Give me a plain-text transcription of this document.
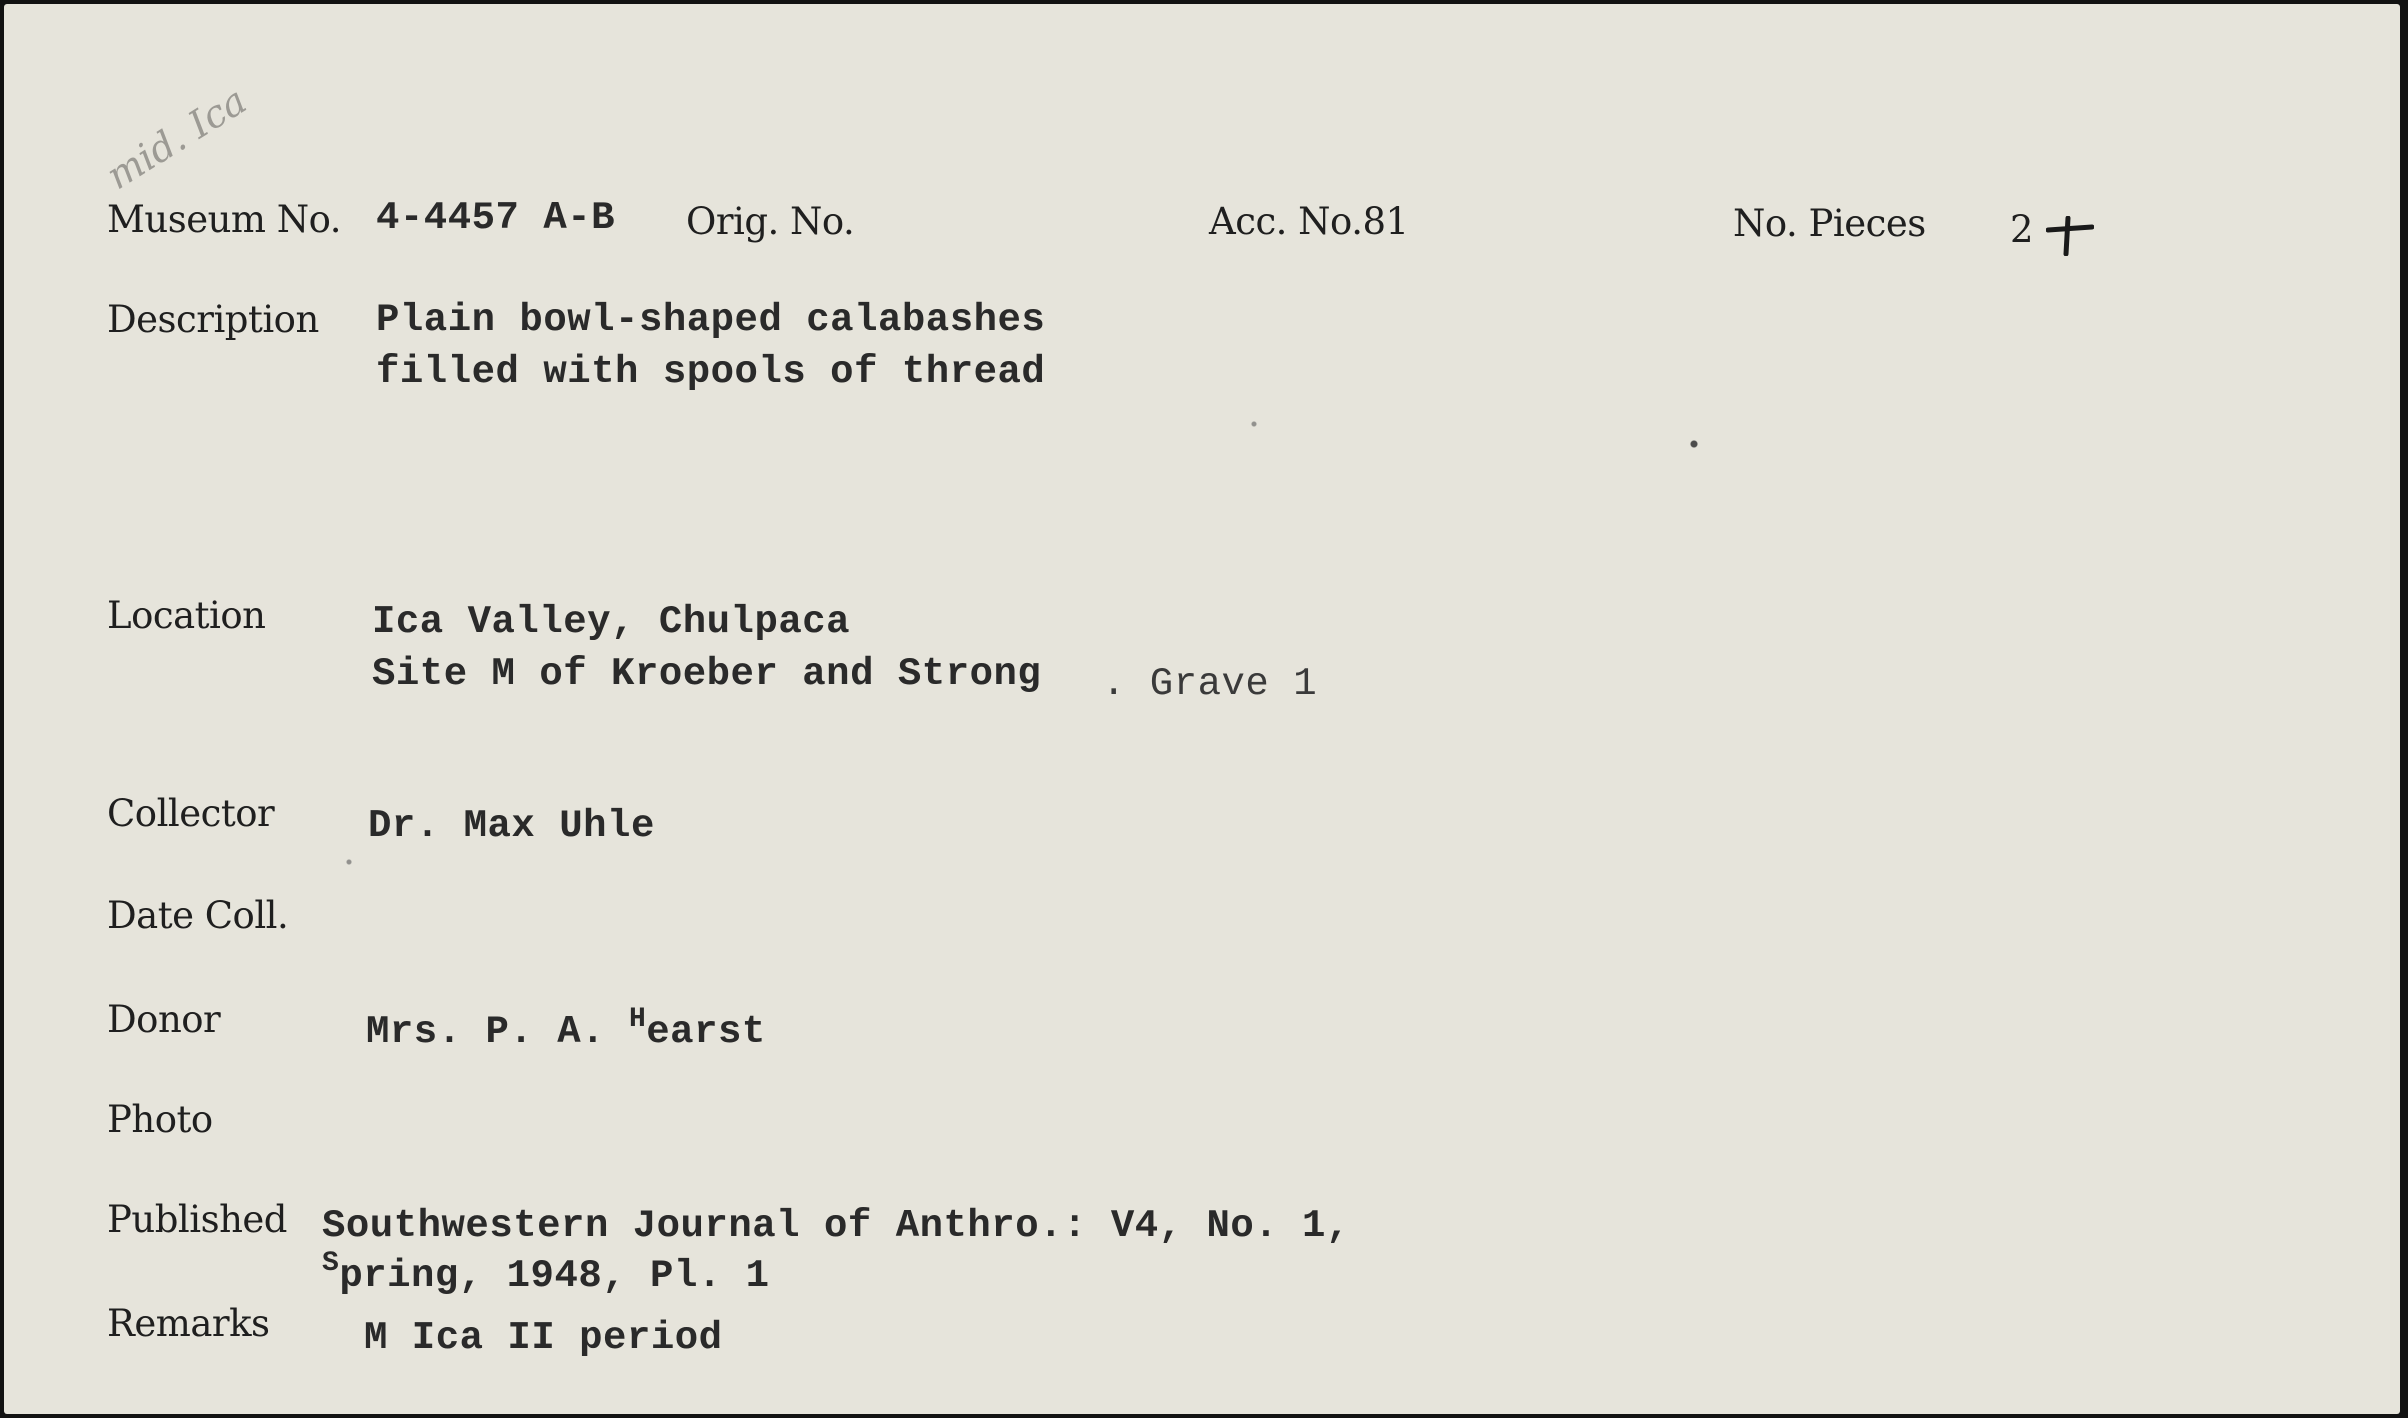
mid. Ica
Museum No. 4-4457 A-B Orig. No.	Acc. No.81	No. Pieces 2
Description Plain bowl-shaped calabashes
filled with spools of thread
Location	Ica Valley, Chulpaca
Site M of Kroeber and Strong . Grave 1
Collector Dr. Max Uhle
Date Coll.
Donor	Mrs. P. A. $^H$earst
Photo
Published Southwestern Journal of Anthro.: V4, No. 1,
$^S$pring, 1948, Pl. 1
Remarks M Ica II period
